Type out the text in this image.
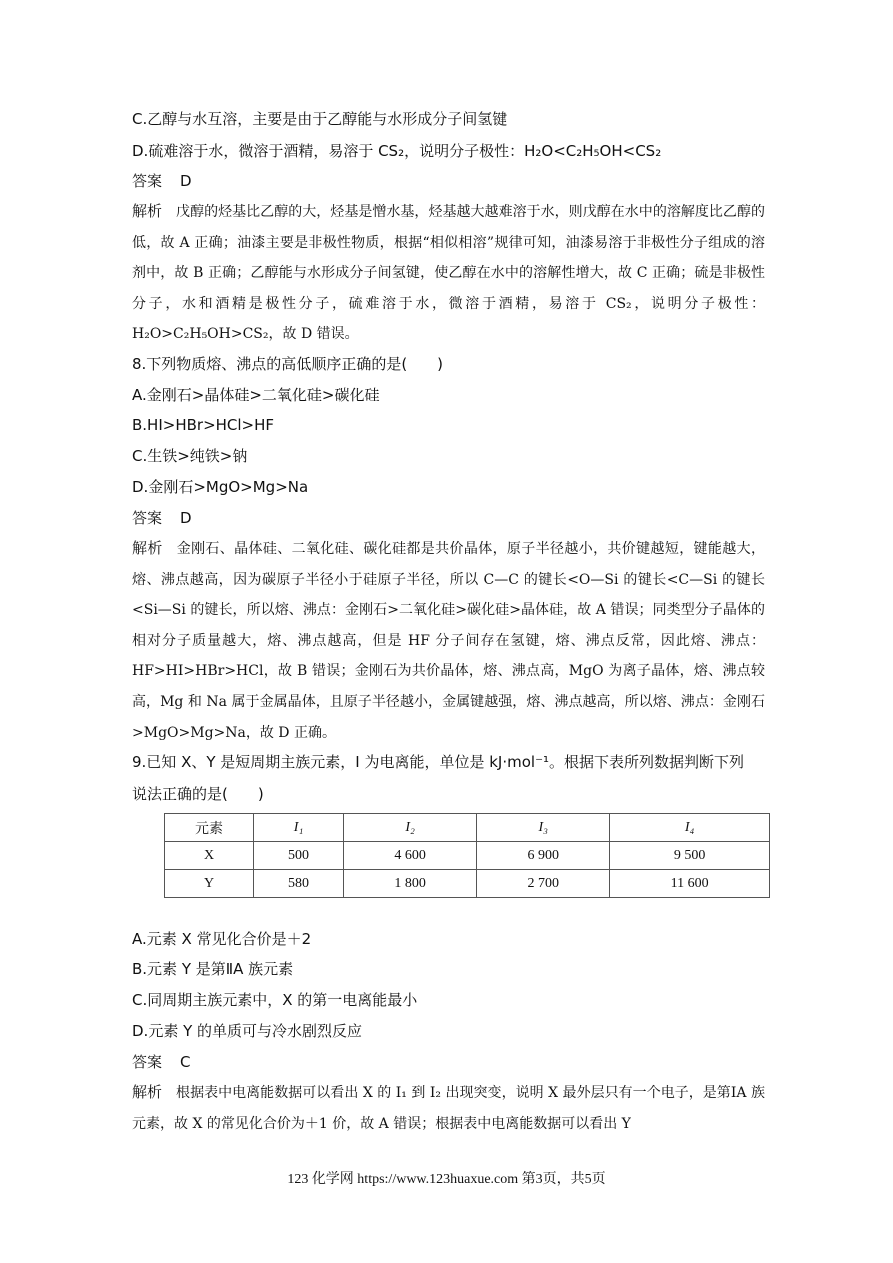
C.乙醇与水互溶，主要是由于乙醇能与水形成分子间氢键
D.硫难溶于水，微溶于酒精，易溶于 CS₂，说明分子极性：H₂O<C₂H₅OH<CS₂
答案 D
解析 戊醇的烃基比乙醇的大，烃基是憎水基，烃基越大越难溶于水，则戊醇在水中的溶解度比乙醇的低，故 A 正确；油漆主要是非极性物质，根据“相似相溶”规律可知，油漆易溶于非极性分子组成的溶剂中，故 B 正确；乙醇能与水形成分子间氢键，使乙醇在水中的溶解性增大，故 C 正确；硫是非极性分子，水和酒精是极性分子，硫难溶于水，微溶于酒精，易溶于 CS₂，说明分子极性：H₂O>C₂H₅OH>CS₂，故 D 错误。
8.下列物质熔、沸点的高低顺序正确的是(　　)
A.金刚石>晶体硅>二氧化硅>碳化硅
B.HI>HBr>HCl>HF
C.生铁>纯铁>钠
D.金刚石>MgO>Mg>Na
答案 D
解析 金刚石、晶体硅、二氧化硅、碳化硅都是共价晶体，原子半径越小，共价键越短，键能越大，熔、沸点越高，因为碳原子半径小于硅原子半径，所以 C—C 的键长<O—Si 的键长<C—Si 的键长<Si—Si 的键长，所以熔、沸点：金刚石>二氧化硅>碳化硅>晶体硅，故 A 错误；同类型分子晶体的相对分子质量越大，熔、沸点越高，但是 HF 分子间存在氢键，熔、沸点反常，因此熔、沸点：HF>HI>HBr>HCl，故 B 错误；金刚石为共价晶体，熔、沸点高，MgO 为离子晶体，熔、沸点较高，Mg 和 Na 属于金属晶体，且原子半径越小，金属键越强，熔、沸点越高，所以熔、沸点：金刚石>MgO>Mg>Na，故 D 正确。
9.已知 X、Y 是短周期主族元素，I 为电离能，单位是 kJ·mol⁻¹。根据下表所列数据判断下列
说法正确的是(　　)
元素	I₁	I₂	I₃	I₄
X	500	4 600	6 900	9 500
Y	580	1 800	2 700	11 600
A.元素 X 常见化合价是＋2
B.元素 Y 是第ⅡA 族元素
C.同周期主族元素中，X 的第一电离能最小
D.元素 Y 的单质可与冷水剧烈反应
答案 C
解析 根据表中电离能数据可以看出 X 的 I₁ 到 I₂ 出现突变，说明 X 最外层只有一个电子，是第ⅠA 族元素，故 X 的常见化合价为＋1 价，故 A 错误；根据表中电离能数据可以看出 Y
123 化学网 https://www.123huaxue.com 第3页，共5页
